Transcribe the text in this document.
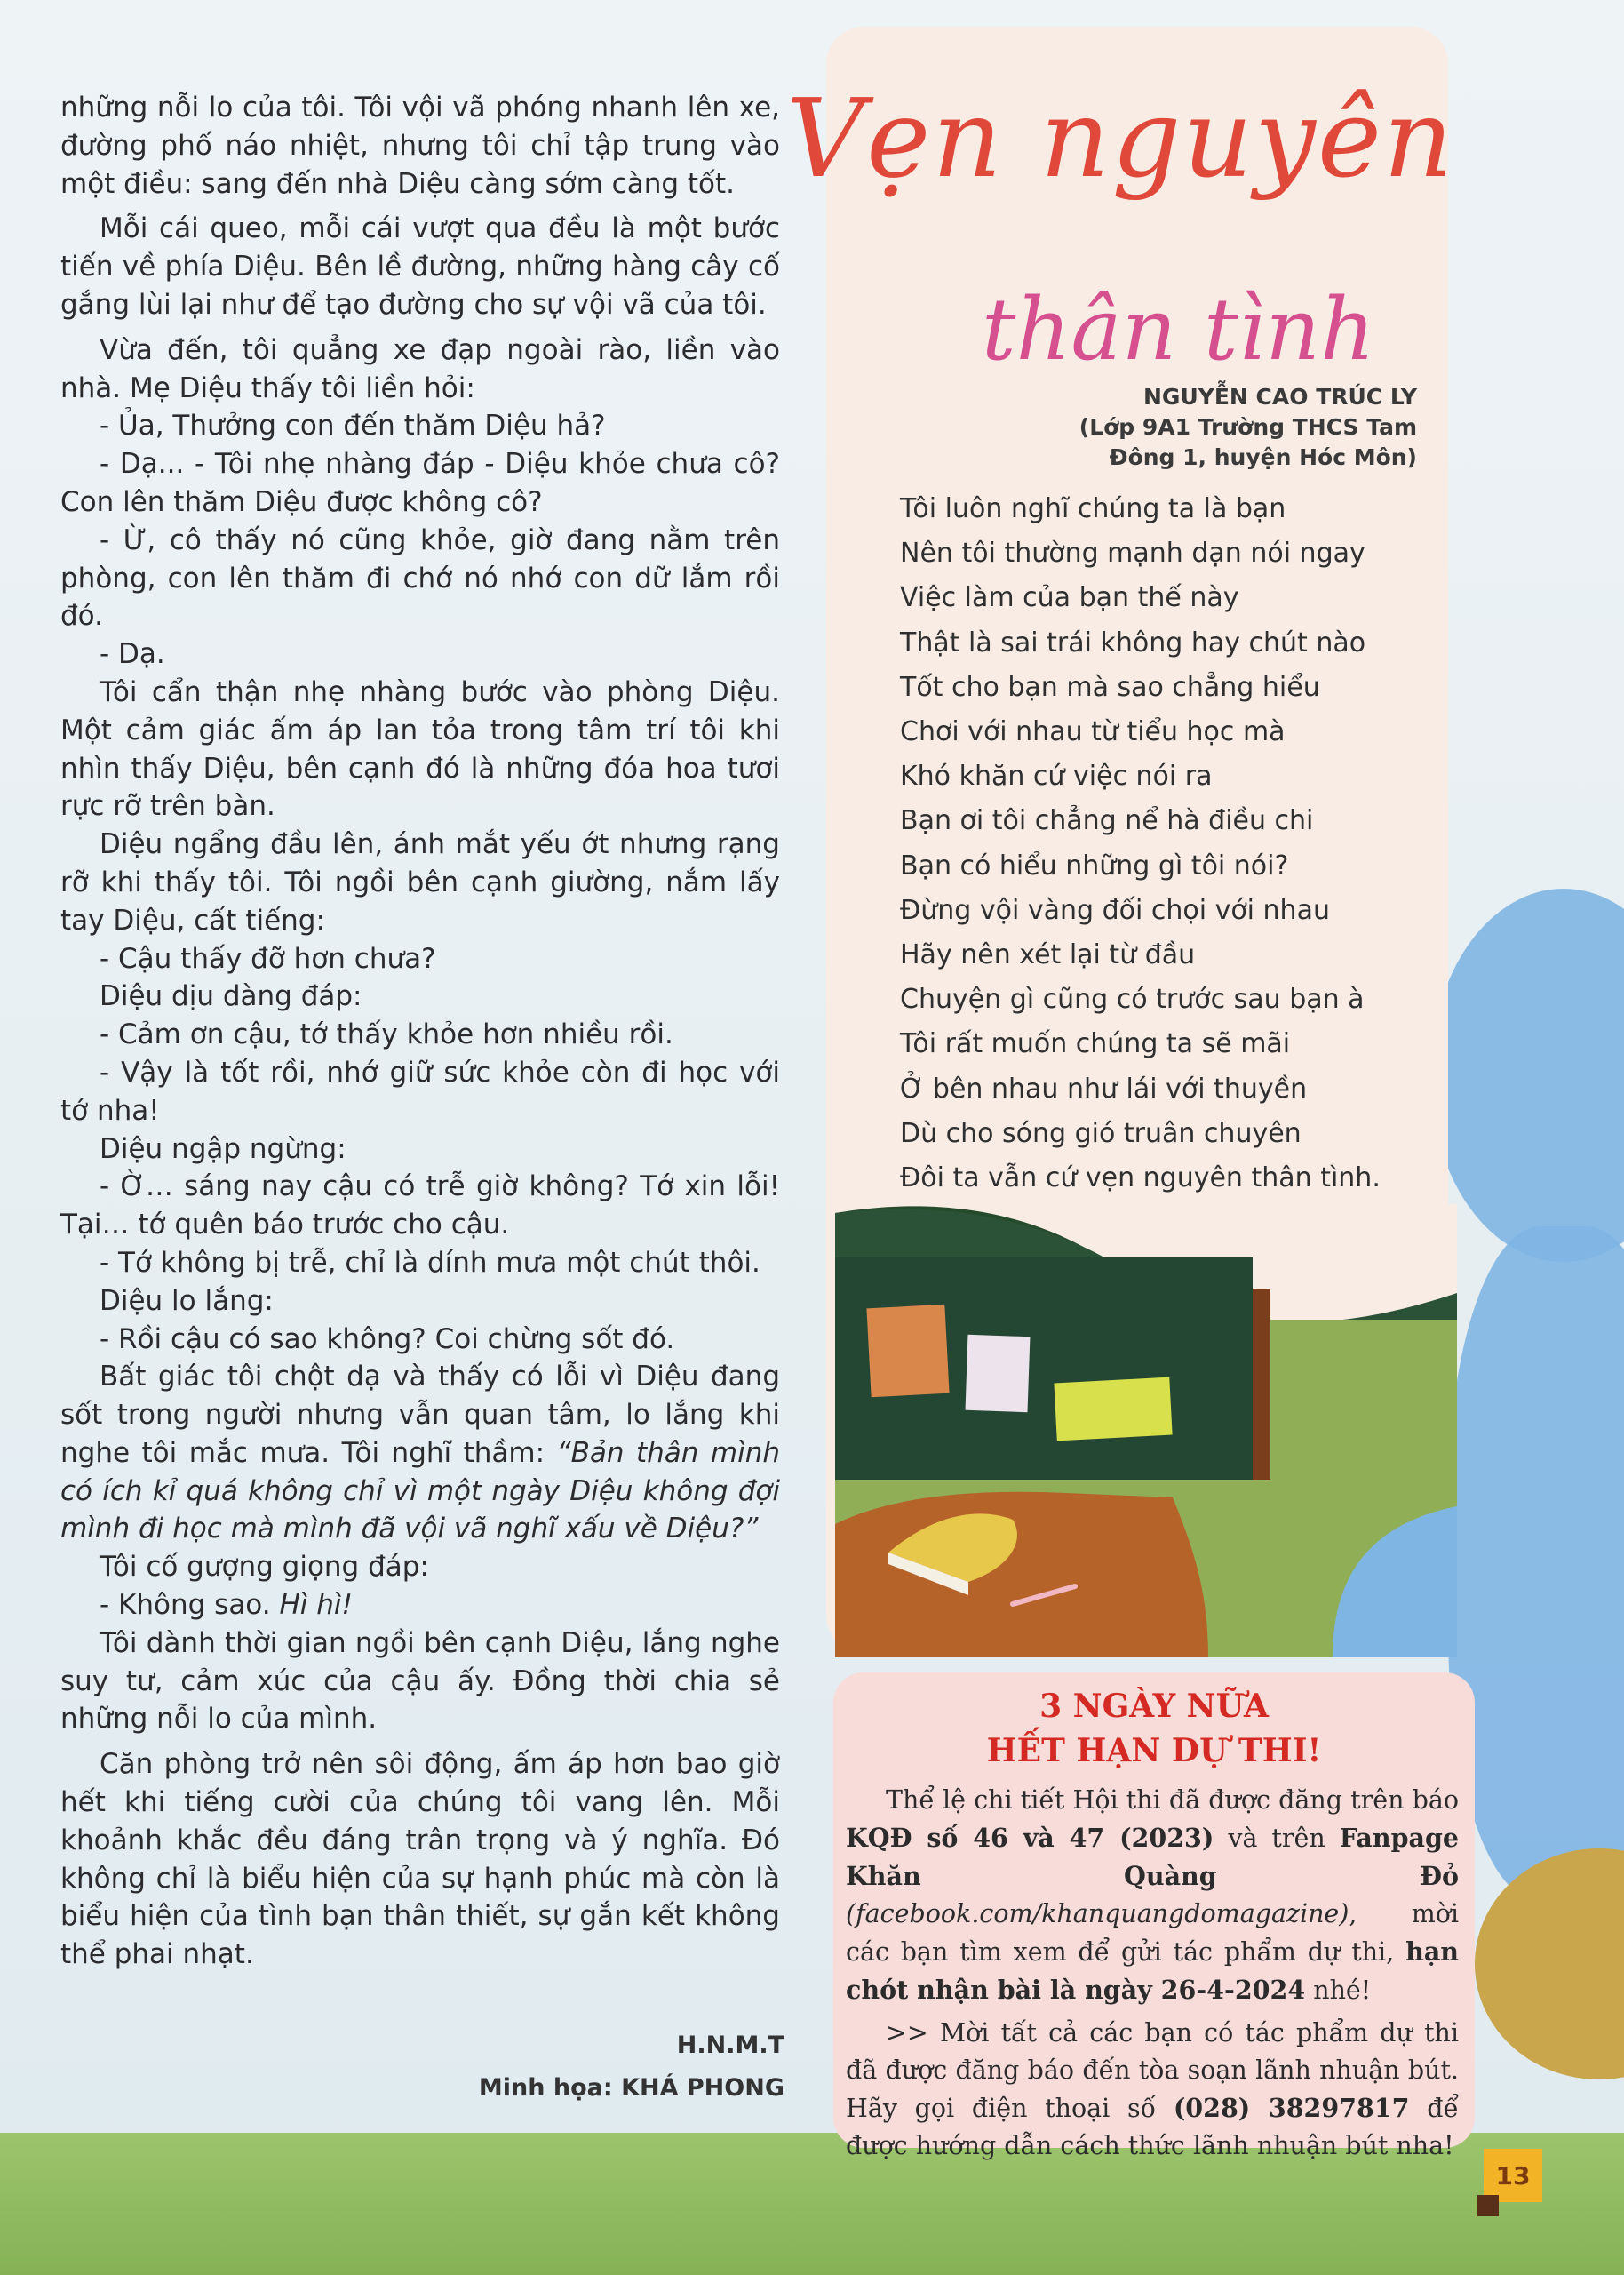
những nỗi lo của tôi. Tôi vội vã phóng nhanh lên xe, đường phố náo nhiệt, nhưng tôi chỉ tập trung vào một điều: sang đến nhà Diệu càng sớm càng tốt.

Mỗi cái queo, mỗi cái vượt qua đều là một bước tiến về phía Diệu. Bên lề đường, những hàng cây cố gắng lùi lại như để tạo đường cho sự vội vã của tôi.

Vừa đến, tôi quẳng xe đạp ngoài rào, liền vào nhà. Mẹ Diệu thấy tôi liền hỏi:

- Ủa, Thưởng con đến thăm Diệu hả?

- Dạ... - Tôi nhẹ nhàng đáp - Diệu khỏe chưa cô? Con lên thăm Diệu được không cô?

- Ừ, cô thấy nó cũng khỏe, giờ đang nằm trên phòng, con lên thăm đi chớ nó nhớ con dữ lắm rồi đó.

- Dạ.

Tôi cẩn thận nhẹ nhàng bước vào phòng Diệu. Một cảm giác ấm áp lan tỏa trong tâm trí tôi khi nhìn thấy Diệu, bên cạnh đó là những đóa hoa tươi rực rỡ trên bàn.

Diệu ngẩng đầu lên, ánh mắt yếu ớt nhưng rạng rỡ khi thấy tôi. Tôi ngồi bên cạnh giường, nắm lấy tay Diệu, cất tiếng:

- Cậu thấy đỡ hơn chưa?

Diệu dịu dàng đáp:

- Cảm ơn cậu, tớ thấy khỏe hơn nhiều rồi.

- Vậy là tốt rồi, nhớ giữ sức khỏe còn đi học với tớ nha!

Diệu ngập ngừng:

- Ờ… sáng nay cậu có trễ giờ không? Tớ xin lỗi! Tại… tớ quên báo trước cho cậu.

- Tớ không bị trễ, chỉ là dính mưa một chút thôi.

Diệu lo lắng:

- Rồi cậu có sao không? Coi chừng sốt đó.

Bất giác tôi chột dạ và thấy có lỗi vì Diệu đang sốt trong người nhưng vẫn quan tâm, lo lắng khi nghe tôi mắc mưa. Tôi nghĩ thầm: “Bản thân mình có ích kỉ quá không chỉ vì một ngày Diệu không đợi mình đi học mà mình đã vội vã nghĩ xấu về Diệu?”

Tôi cố gượng giọng đáp:

- Không sao. Hì hì!

Tôi dành thời gian ngồi bên cạnh Diệu, lắng nghe suy tư, cảm xúc của cậu ấy. Đồng thời chia sẻ những nỗi lo của mình.

Căn phòng trở nên sôi động, ấm áp hơn bao giờ hết khi tiếng cười của chúng tôi vang lên. Mỗi khoảnh khắc đều đáng trân trọng và ý nghĩa. Đó không chỉ là biểu hiện của sự hạnh phúc mà còn là biểu hiện của tình bạn thân thiết, sự gắn kết không thể phai nhạt.

H.N.M.T
Minh họa: KHÁ PHONG
Vẹn nguyên
thân tình
NGUYỄN CAO TRÚC LY
(Lớp 9A1 Trường THCS Tam Đông 1, huyện Hóc Môn)
Tôi luôn nghĩ chúng ta là bạn
Nên tôi thường mạnh dạn nói ngay
Việc làm của bạn thế này
Thật là sai trái không hay chút nào
Tốt cho bạn mà sao chẳng hiểu
Chơi với nhau từ tiểu học mà
Khó khăn cứ việc nói ra
Bạn ơi tôi chẳng nể hà điều chi
Bạn có hiểu những gì tôi nói?
Đừng vội vàng đối chọi với nhau
Hãy nên xét lại từ đầu
Chuyện gì cũng có trước sau bạn à
Tôi rất muốn chúng ta sẽ mãi
Ở bên nhau như lái với thuyền
Dù cho sóng gió truân chuyên
Đôi ta vẫn cứ vẹn nguyên thân tình.
3 NGÀY NỮA
HẾT HẠN DỰ THI!

Thể lệ chi tiết Hội thi đã được đăng trên báo KQĐ số 46 và 47 (2023) và trên Fanpage Khăn Quàng Đỏ (facebook.com/khanquangdomagazine), mời các bạn tìm xem để gửi tác phẩm dự thi, hạn chót nhận bài là ngày 26-4-2024 nhé!

>> Mời tất cả các bạn có tác phẩm dự thi đã được đăng báo đến tòa soạn lãnh nhuận bút. Hãy gọi điện thoại số (028) 38297817 để được hướng dẫn cách thức lãnh nhuận bút nha!

13
